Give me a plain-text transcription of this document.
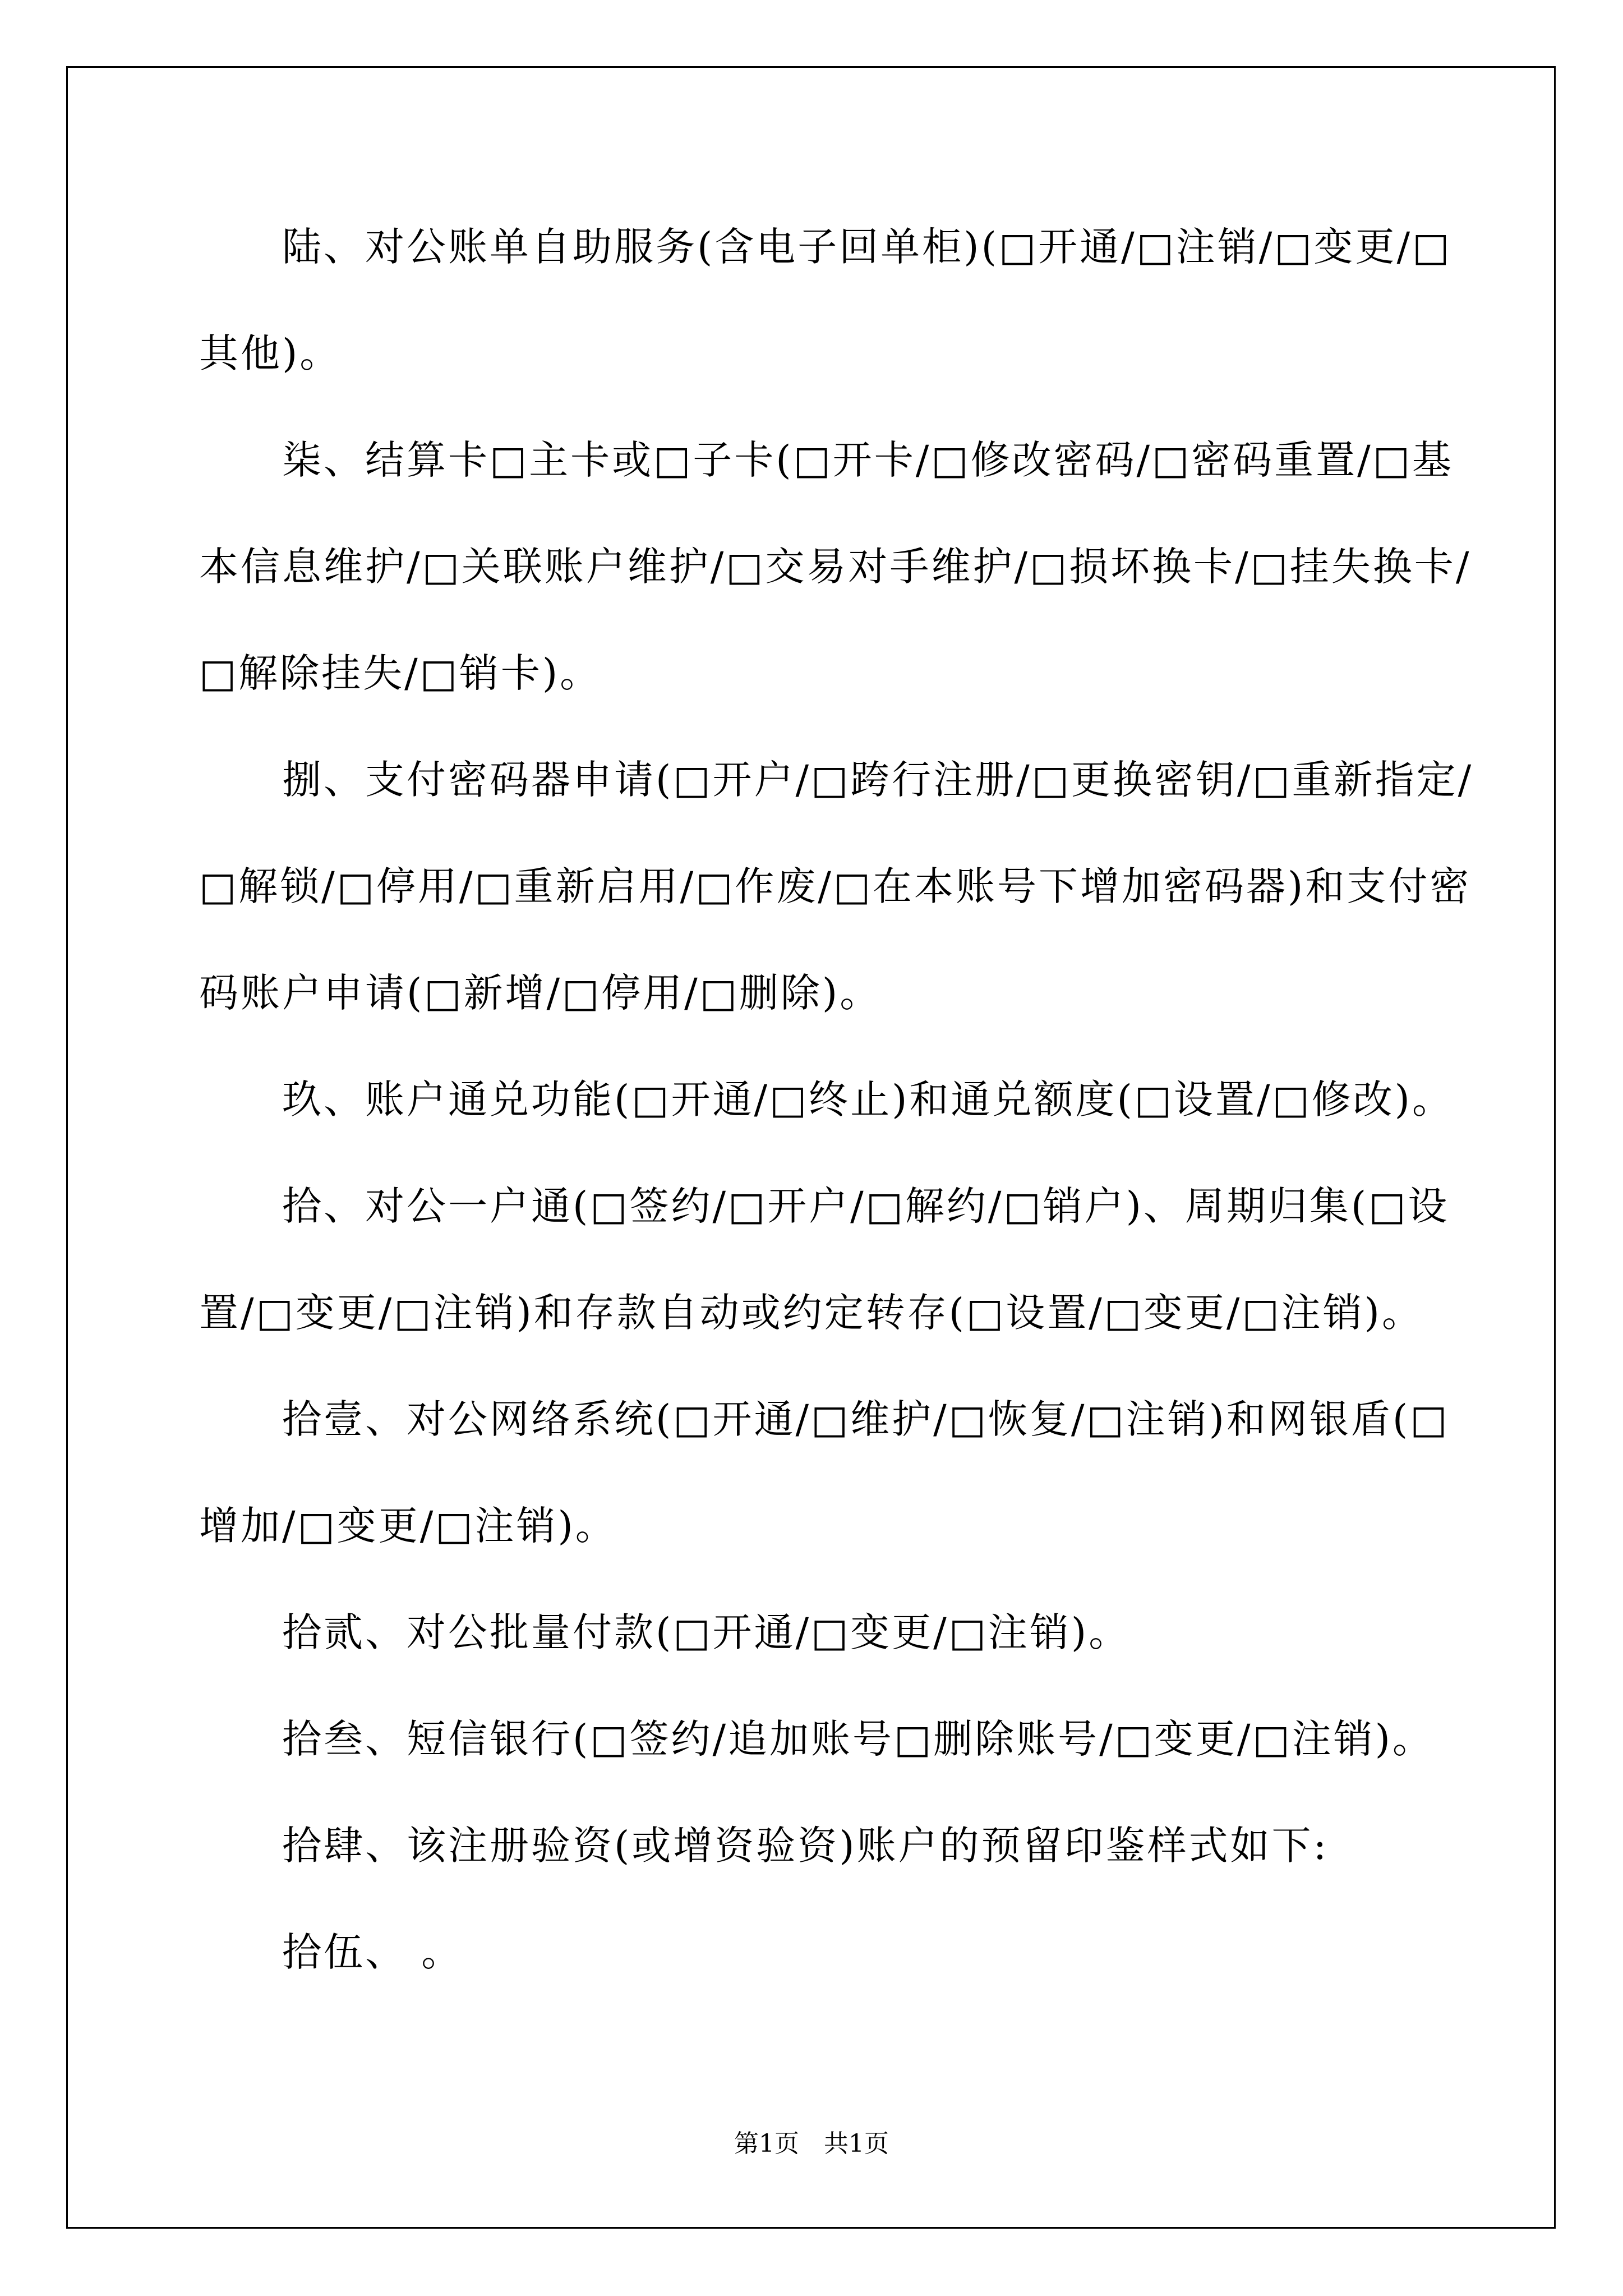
陆、对公账单自助服务(含电子回单柜)(□开通/□注销/□变更/□其他)。

柒、结算卡□主卡或□子卡(□开卡/□修改密码/□密码重置/□基本信息维护/□关联账户维护/□交易对手维护/□损坏换卡/□挂失换卡/□解除挂失/□销卡)。

捌、支付密码器申请(□开户/□跨行注册/□更换密钥/□重新指定/□解锁/□停用/□重新启用/□作废/□在本账号下增加密码器)和支付密码账户申请(□新增/□停用/□删除)。

玖、账户通兑功能(□开通/□终止)和通兑额度(□设置/□修改)。

拾、对公一户通(□签约/□开户/□解约/□销户)、周期归集(□设置/□变更/□注销)和存款自动或约定转存(□设置/□变更/□注销)。

拾壹、对公网络系统(□开通/□维护/□恢复/□注销)和网银盾(□增加/□变更/□注销)。

拾贰、对公批量付款(□开通/□变更/□注销)。

拾叁、短信银行(□签约/追加账号□删除账号/□变更/□注销)。

拾肆、该注册验资(或增资验资)账户的预留印鉴样式如下:

拾伍、 。

第1页　共1页
